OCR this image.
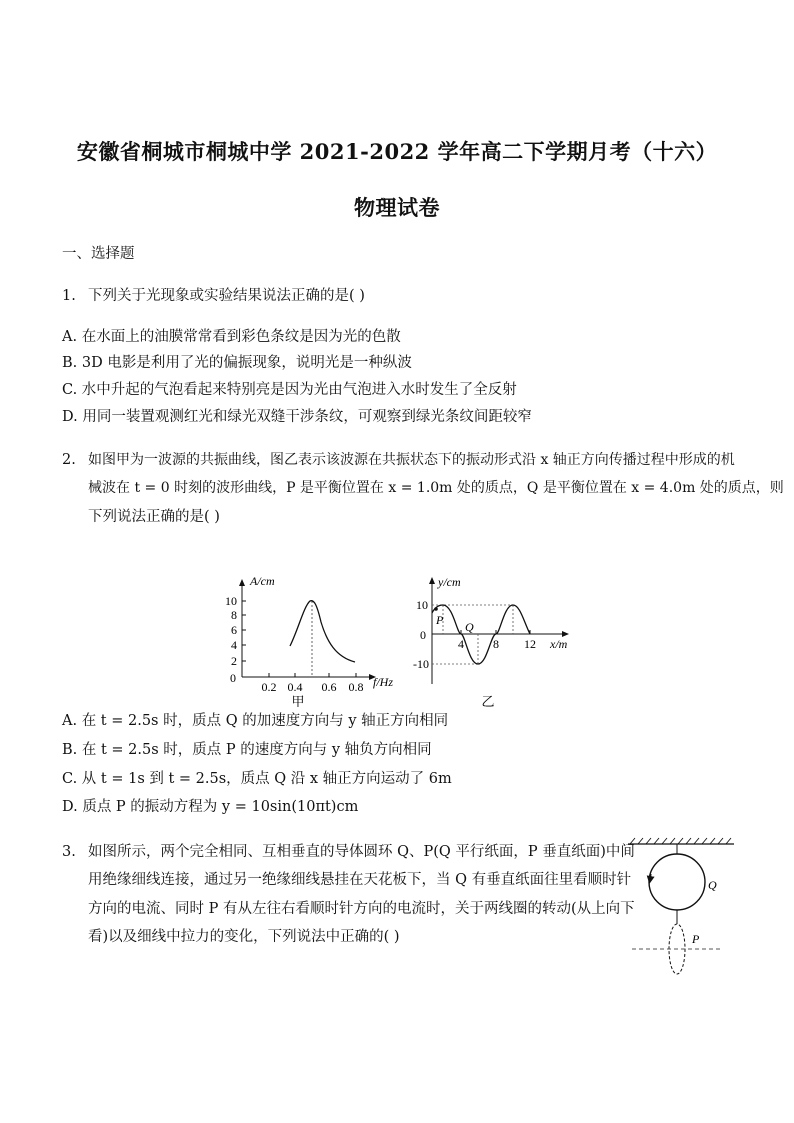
安徽省桐城市桐城中学 2021-2022 学年高二下学期月考（十六）
物理试卷
一、选择题
1. 下列关于光现象或实验结果说法正确的是( )
A. 在水面上的油膜常常看到彩色条纹是因为光的色散
B. 3D 电影是利用了光的偏振现象，说明光是一种纵波
C. 水中升起的气泡看起来特别亮是因为光由气泡进入水时发生了全反射
D. 用同一装置观测红光和绿光双缝干涉条纹，可观察到绿光条纹间距较窄
2. 如图甲为一波源的共振曲线，图乙表示该波源在共振状态下的振动形式沿 x 轴正方向传播过程中形成的机
械波在 t = 0 时刻的波形曲线，P 是平衡位置在 x = 1.0m 处的质点，Q 是平衡位置在 x = 4.0m 处的质点，则
下列说法正确的是( )
A/cm
f/Hz
0
2
4
6
8
10
0.2 0.4 0.6 0.8
甲
y/cm
x/m
0
10
-10
4 8 12
P Q
乙
A. 在 t = 2.5s 时，质点 Q 的加速度方向与 y 轴正方向相同
B. 在 t = 2.5s 时，质点 P 的速度方向与 y 轴负方向相同
C. 从 t = 1s 到 t = 2.5s，质点 Q 沿 x 轴正方向运动了 6m
D. 质点 P 的振动方程为 y = 10sin(10πt)cm
3. 如图所示，两个完全相同、互相垂直的导体圆环 Q、P(Q 平行纸面，P 垂直纸面)中间
用绝缘细线连接，通过另一绝缘细线悬挂在天花板下，当 Q 有垂直纸面往里看顺时针
方向的电流、同时 P 有从左往右看顺时针方向的电流时，关于两线圈的转动(从上向下
看)以及细线中拉力的变化，下列说法中正确的( )
Q
P
